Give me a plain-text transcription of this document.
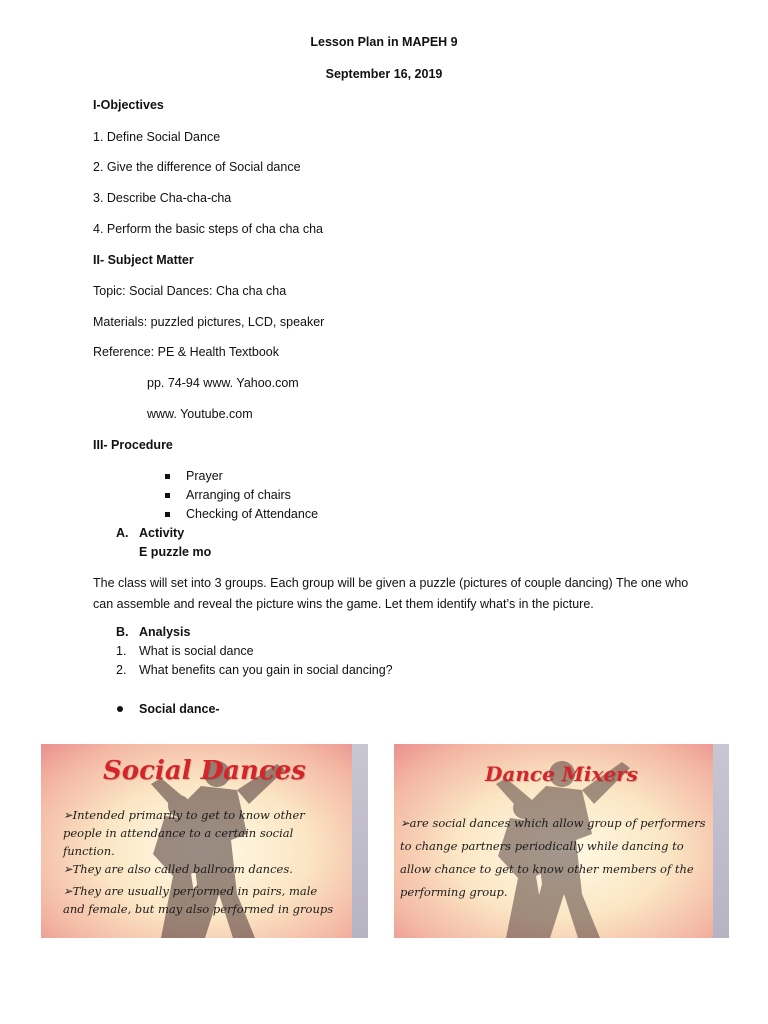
Lesson Plan in MAPEH 9
September 16, 2019
I-Objectives
1. Define Social Dance
2. Give the difference of Social dance
3. Describe Cha-cha-cha
4. Perform the basic steps of cha cha cha
II- Subject Matter
Topic: Social Dances: Cha cha cha
Materials: puzzled pictures, LCD, speaker
Reference: PE & Health Textbook
pp. 74-94 www. Yahoo.com
www. Youtube.com
III- Procedure
Prayer
Arranging of chairs
Checking of Attendance
A. Activity
E puzzle mo
The class will set into 3 groups. Each group will be given a puzzle (pictures of couple dancing) The one who can assemble and reveal the picture wins the game. Let them identify what’s in the picture.
B. Analysis
1. What is social dance
2. What benefits can you gain in social dancing?
Social dance-
Social Dances
➢Intended primarily to get to know other
people in attendance to a certain social
function.
➢They are also called ballroom dances.
➢They are usually performed in pairs, male
and female, but may also performed in groups
Dance Mixers
➢are social dances which allow group of performers
to change partners periodically while dancing to
allow chance to get to know other members of the
performing group.
